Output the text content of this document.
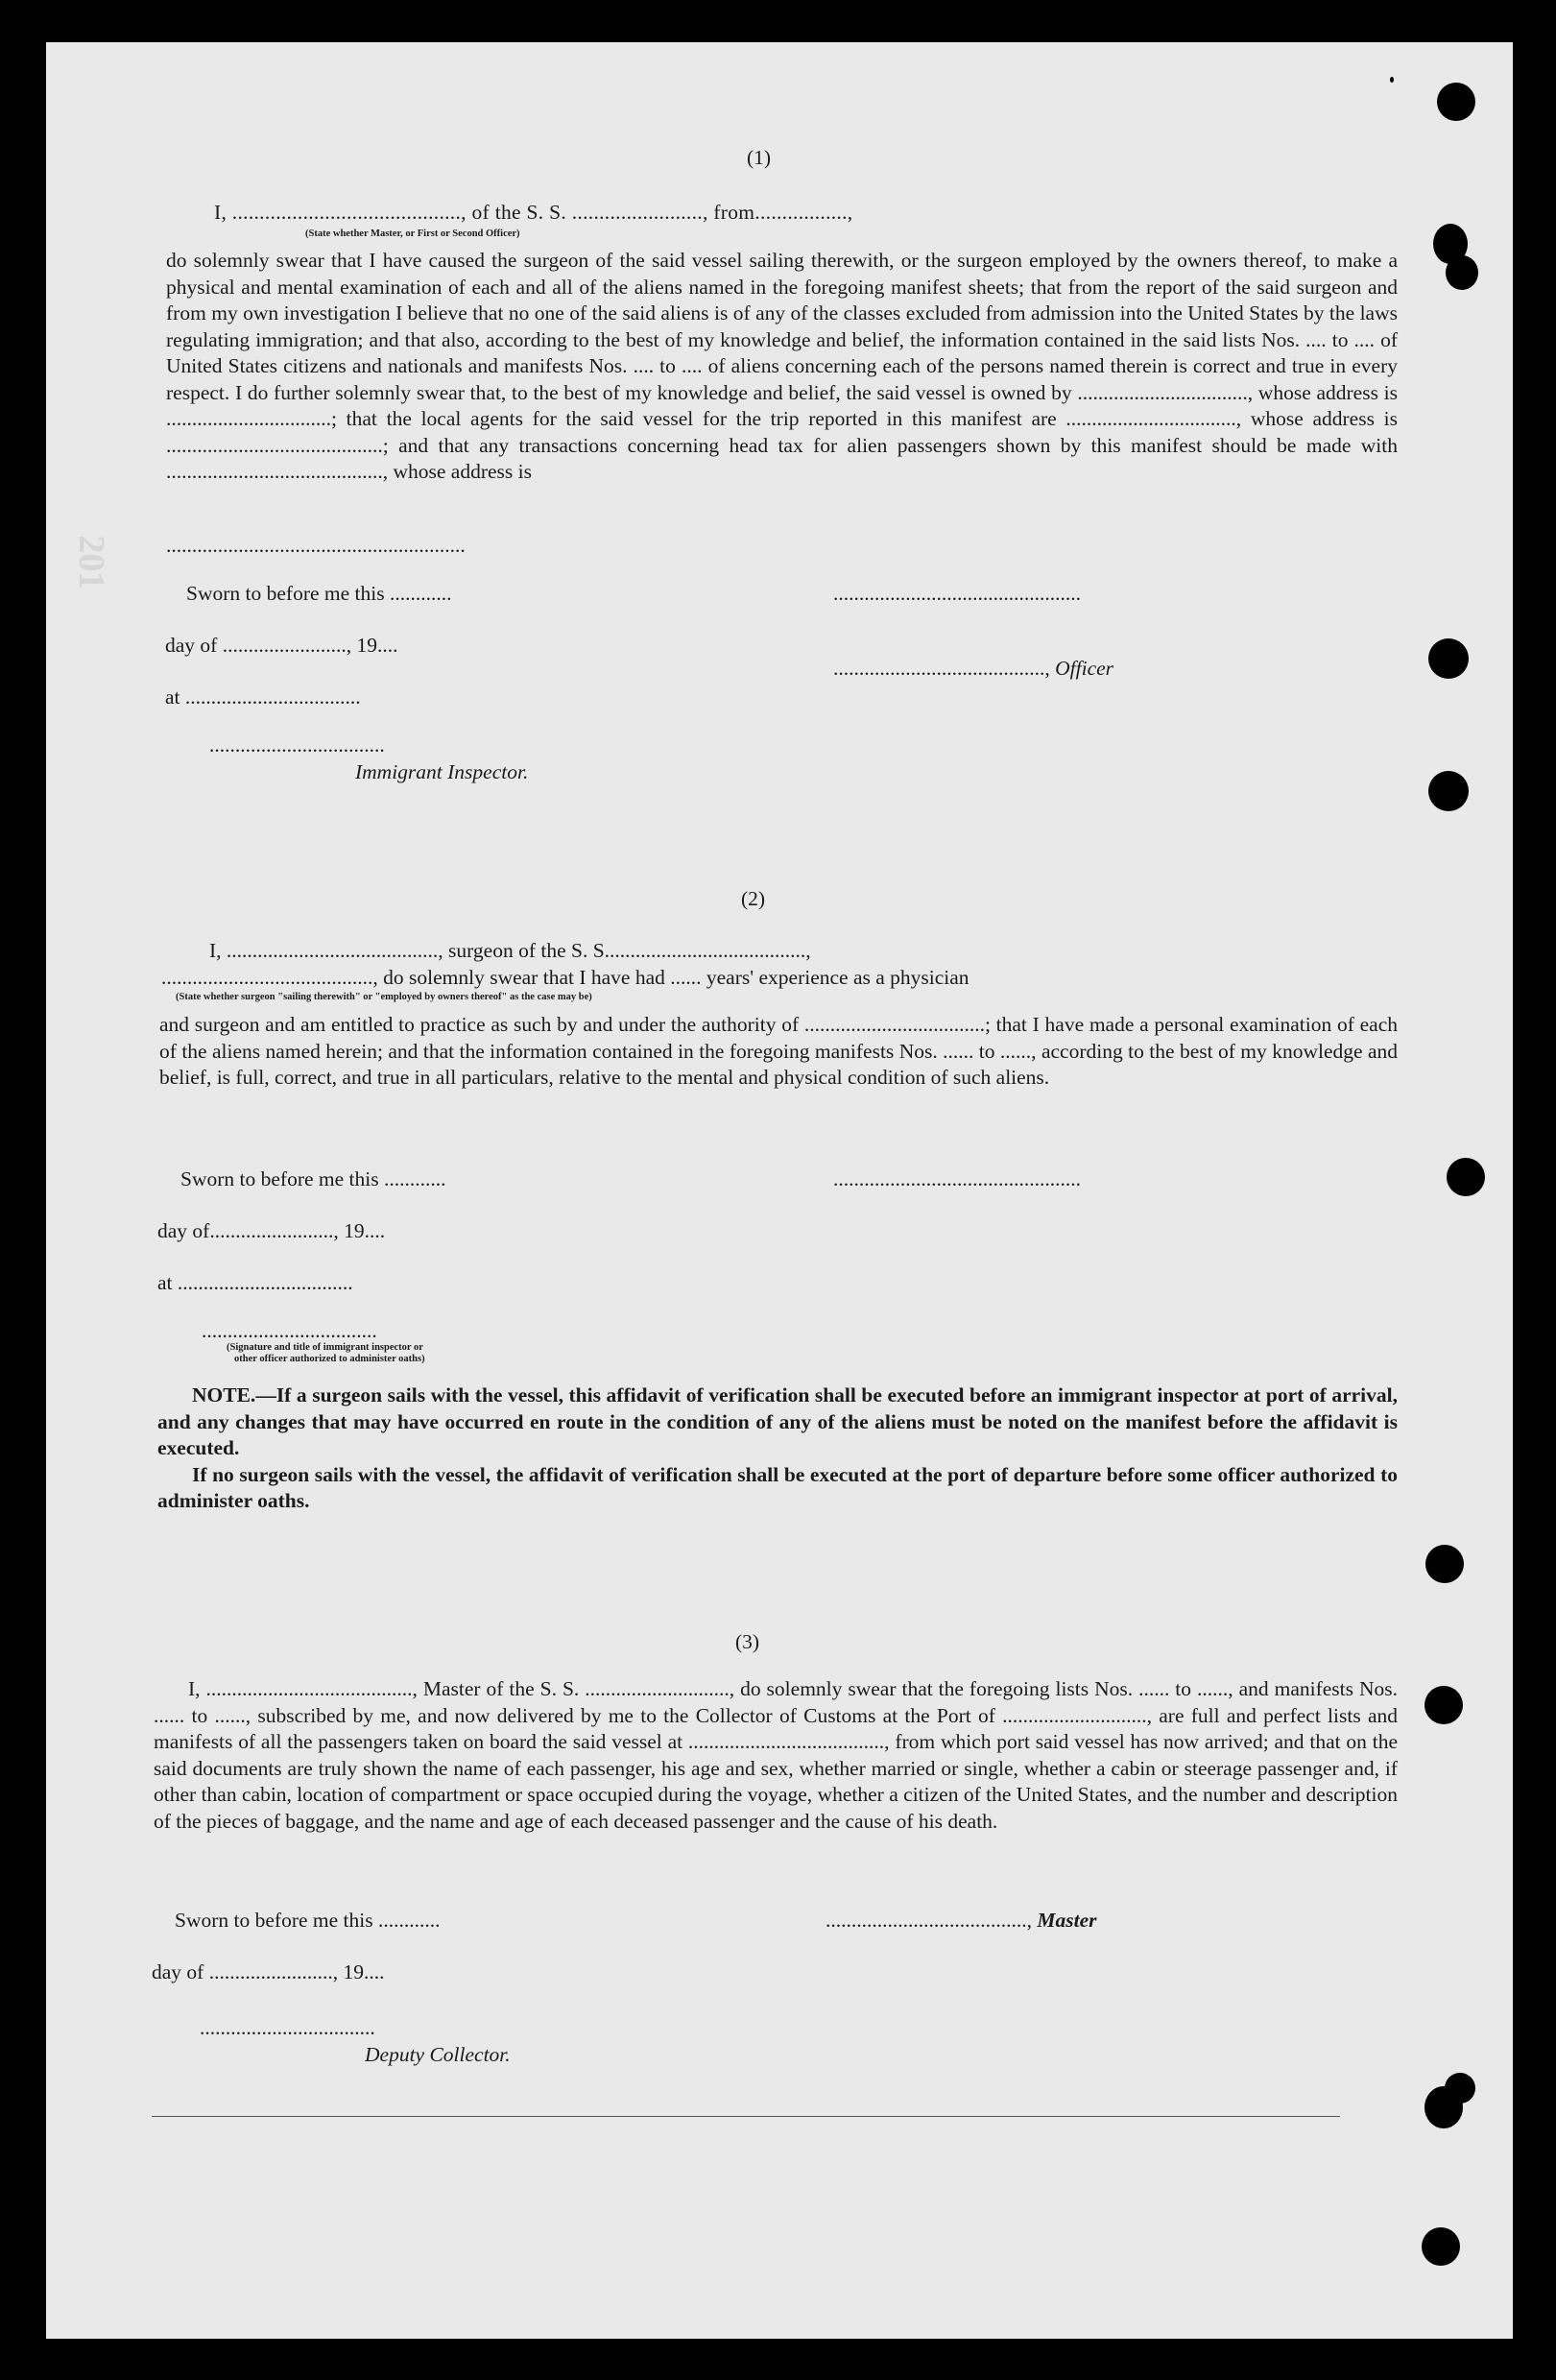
₂₀₁
(1)
I, .........................................., of the S. S. ........................, from.................,
(State whether Master, or First or Second Officer)
do solemnly swear that I have caused the surgeon of the said vessel sailing therewith, or the surgeon employed by the owners thereof, to make a physical and mental examination of each and all of the aliens named in the foregoing manifest sheets; that from the report of the said surgeon and from my own investigation I believe that no one of the said aliens is of any of the classes excluded from admission into the United States by the laws regulating immigration; and that also, according to the best of my knowledge and belief, the information contained in the said lists Nos. .... to .... of United States citizens and nationals and manifests Nos. .... to .... of aliens concerning each of the persons named therein is correct and true in every respect. I do further solemnly swear that, to the best of my knowledge and belief, the said vessel is owned by ................................., whose address is ................................; that the local agents for the said vessel for the trip reported in this manifest are ................................., whose address is ..........................................; and that any transactions concerning head tax for alien passengers shown by this manifest should be made with .........................................., whose address is
..........................................................
Sworn to before me this ............	................................................
day of ........................, 19....
........................................., Officer
at ..................................
..................................
Immigrant Inspector.
(2)
I, ........................................., surgeon of the S. S.......................................,
........................................., do solemnly swear that I have had ...... years' experience as a physician
(State whether surgeon "sailing therewith" or "employed by owners thereof" as the case may be)
and surgeon and am entitled to practice as such by and under the authority of ...................................; that I have made a personal examination of each of the aliens named herein; and that the information contained in the foregoing manifests Nos. ...... to ......, according to the best of my knowledge and belief, is full, correct, and true in all particulars, relative to the mental and physical condition of such aliens.
Sworn to before me this ............	................................................
day of........................, 19....
at ..................................
..................................
(Signature and title of immigrant inspector or
other officer authorized to administer oaths)

NOTE.—If a surgeon sails with the vessel, this affidavit of verification shall be executed before an immigrant inspector at port of arrival, and any changes that may have occurred en route in the condition of any of the aliens must be noted on the manifest before the affidavit is executed.

If no surgeon sails with the vessel, the affidavit of verification shall be executed at the port of departure before some officer authorized to administer oaths.

(3)
I, ........................................, Master of the S. S. ............................, do solemnly swear that the foregoing lists Nos. ...... to ......, and manifests Nos. ...... to ......, subscribed by me, and now delivered by me to the Collector of Customs at the Port of ............................, are full and perfect lists and manifests of all the passengers taken on board the said vessel at ......................................, from which port said vessel has now arrived; and that on the said documents are truly shown the name of each passenger, his age and sex, whether married or single, whether a cabin or steerage passenger and, if other than cabin, location of compartment or space occupied during the voyage, whether a citizen of the United States, and the number and description of the pieces of baggage, and the name and age of each deceased passenger and the cause of his death.
Sworn to before me this ............	......................................., Master
day of ........................, 19....
..................................
Deputy Collector.
